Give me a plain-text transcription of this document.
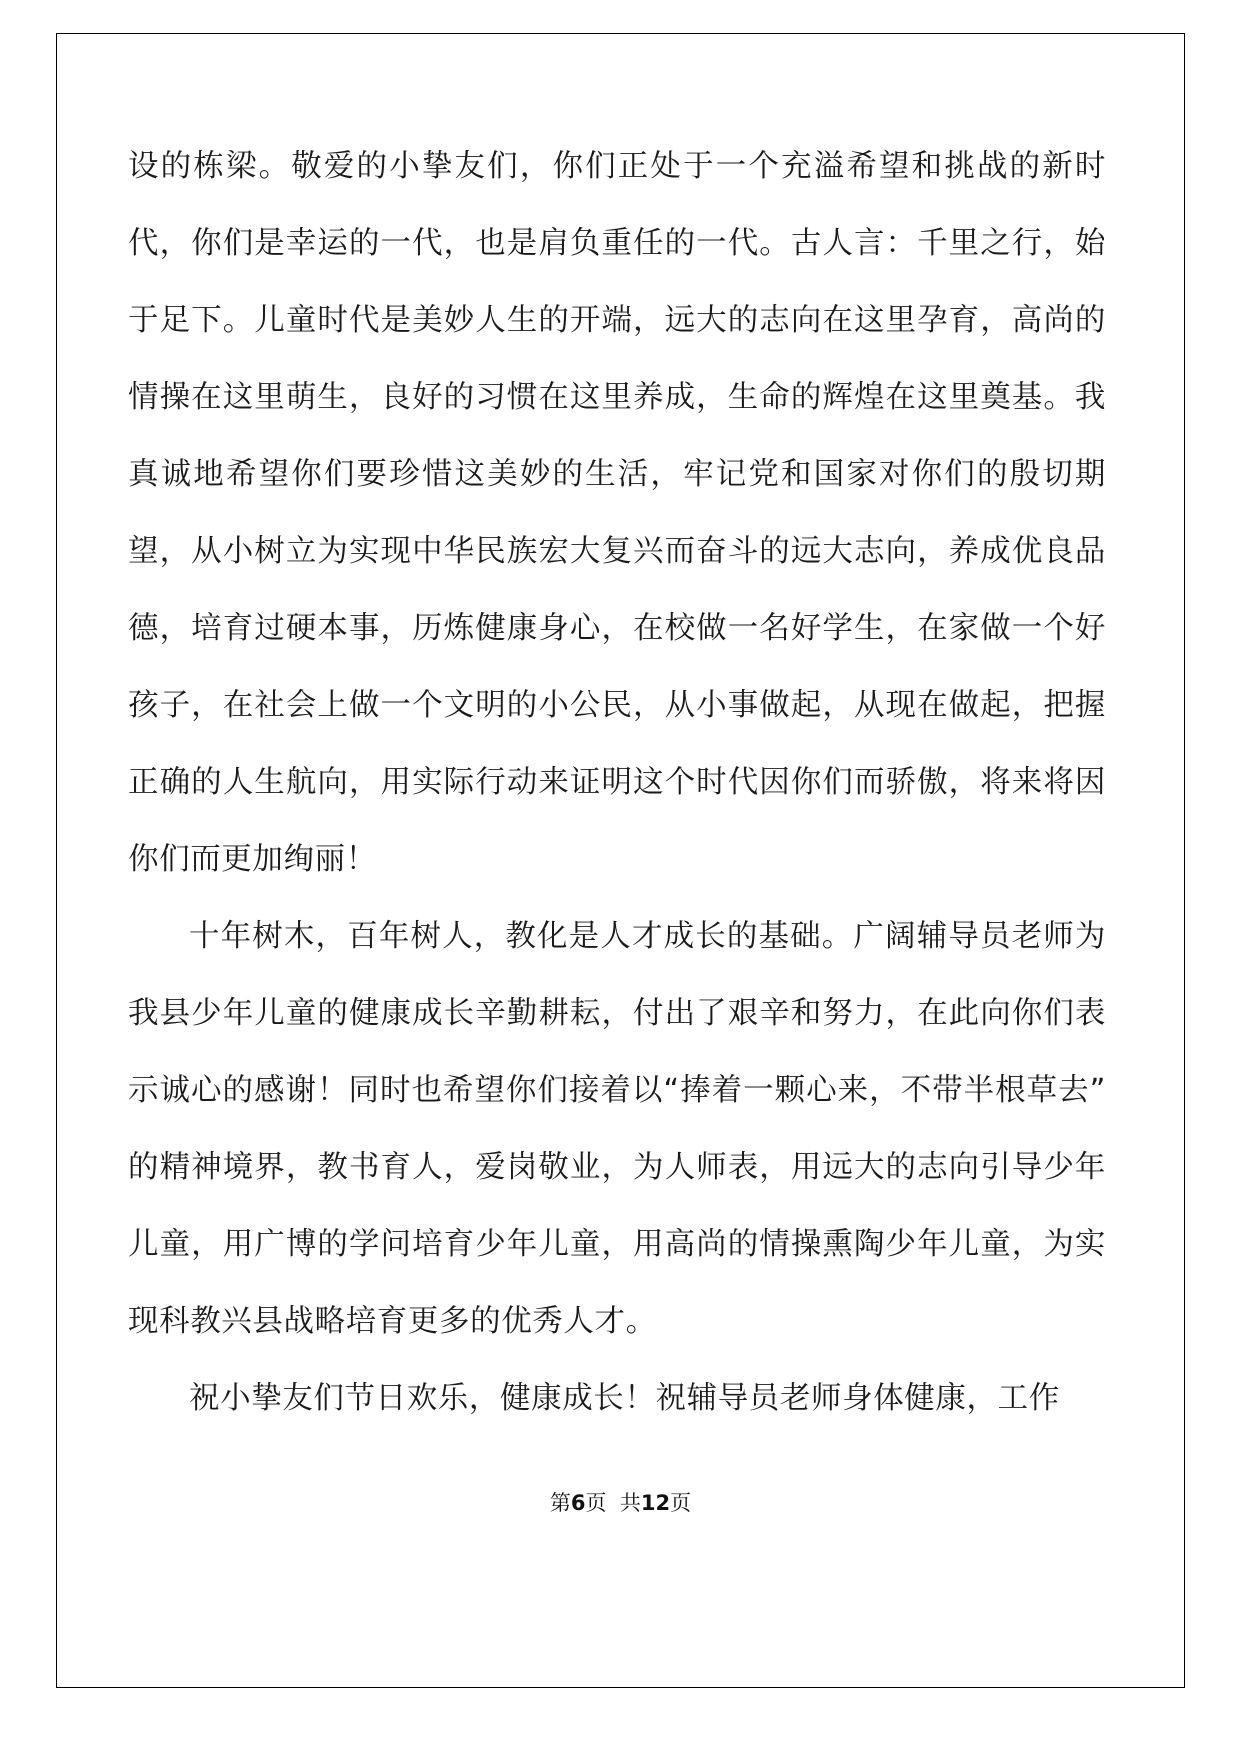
设的栋梁。敬爱的小挚友们，你们正处于一个充溢希望和挑战的新时代，你们是幸运的一代，也是肩负重任的一代。古人言：千里之行，始于足下。儿童时代是美妙人生的开端，远大的志向在这里孕育，高尚的情操在这里萌生，良好的习惯在这里养成，生命的辉煌在这里奠基。我真诚地希望你们要珍惜这美妙的生活，牢记党和国家对你们的殷切期望，从小树立为实现中华民族宏大复兴而奋斗的远大志向，养成优良品德，培育过硬本事，历炼健康身心，在校做一名好学生，在家做一个好孩子，在社会上做一个文明的小公民，从小事做起，从现在做起，把握正确的人生航向，用实际行动来证明这个时代因你们而骄傲，将来将因你们而更加绚丽！

十年树木，百年树人，教化是人才成长的基础。广阔辅导员老师为我县少年儿童的健康成长辛勤耕耘，付出了艰辛和努力，在此向你们表示诚心的感谢！同时也希望你们接着以“捧着一颗心来，不带半根草去”的精神境界，教书育人，爱岗敬业，为人师表，用远大的志向引导少年儿童，用广博的学问培育少年儿童，用高尚的情操熏陶少年儿童，为实现科教兴县战略培育更多的优秀人才。

祝小挚友们节日欢乐，健康成长！祝辅导员老师身体健康，工作

第6页 共12页
